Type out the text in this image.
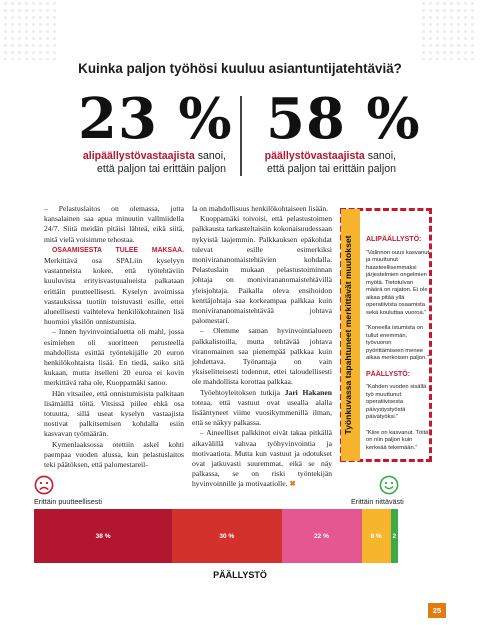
Kuinka paljon työhösi kuuluu asiantuntijatehtäviä?
23 % 58 %
alipäällystövastaajista sanoi,
että paljon tai erittäin paljon
päällystövastaajista sanoi,
että paljon tai erittäin paljon

– Pelastuslaitos on olemassa, jotta kansalainen saa apua minuutin vallmiidella 24/7. Siitä meidän pitäisi lähteä, eikä siitä, mitä vielä voisimme tehostaa.

OSAAMISESTA TULEE MAKSAA. Merkittävä osa SPALiin kyselyyn vastanneista kokee, että työtehtäviin kuuluvista erityisvastuualueista palkataan erittäin puutteellisesti. Kyselyn avoimissa vastauksissa tuotiin toistuvasti esille, ettei alueellisesti vaihteleva henkilökohtainen lisä huomioi yksilön onnistumisia.

– Innen hyvinvointialuetta oli mahl, jossa esimiehen oli suoritteen perusteella mahdollista esittää työntekijälle 20 euron henkilökohtaista lisää. En tiedä, saiko sitä kukaan, mutta itselleni 20 euroa ei kovin merkittävä raha ole, Kuoppamäki sanoo.

Hän vitsailee, että onnistumisista palkitaan lisämäillä töitä. Vitsissä piilee ehkä osa totuutta, sillä useat kyselyn vastaajista nostivat palkitsemisen kohdalla esiin kasvavan työmäärän.

Kymenlaaksossa otettiin askel kohti paempaa vuoden alussa, kun pelastuslaitos teki päätöksen, että palomestareil-

la on mahdollisuus henkilökohtaiseen lisään.

Kuoppamäki toivoisi, että pelastustoimen palkkausta tarkasteltaisiin kokonaisuudessaan nykyistä laajemmin. Palkkauksen epäkohdat tulevat esille esimerkiksi monivirananomaistehtävien kohdalla. Pelastuslain mukaan pelastustoiminnan johtaja on monivirananomaistehtävillä yleisjohtaja. Paikalla oleva ensihoidon kenttäjohtaja saa korkeampaa palkkaa kuin monivirananomaistehtävää johtava palomestari.

– Olemme saman hyvinvointialueen palkkalistoilla, mutta tehtävää johtava viranomainen saa pienempää palkkaa kuin johdettava. Työnantaja on vain yksiselitteisesti todennut, ettei taloudellisesti ole mahdollista korottaa palkkaa.

Työehtoyleitoksen tutkija Jari Hakanen toteaa, että vastuut ovat usealla alalla lisääntyneet viime vuosikymmenillä ilman, että se näkyy palkassa.

– Aineelliset palkkinot eivät takaa pitkällä aikavälillä vahvaa työhyvinvointia ja motivaatiota. Mutta kun vastuut ja odotukset ovat jatkuvasti suuremmat, eikä se näy palkassa, se on riski työntekijän hyvinvoinnille ja motivaatiolle. ✖

Työnkuvassa tapahtuneet merkittävät muutokset	ALIPÄÄLLYSTÖ:
”Valinnon ouus kasvanut ja muuttunut haasteellisemmaksi järjestelmien ongelmien myötä. Tietotulvan määrä on rajaton. Ei ole aikaa pitää yllä operatiivista osaamista sekä kouluttaa vuoroa.”
”Koneella istumista on tullut enemmän, työvuoron pyörittämiseen menee aikaa merkoisen paljon.”
PÄÄLLYSTÖ:
”Kahden vuoden sisällä työ muuttunut operatiivisesta päivystystyöstä päivätyöksi.”
”Kiire on kasvanut. Töitä on niin paljon kuin kerkeää tekemään.”
Erittäin puutteellisesti	Erittäin riittävästi
38 %	30 %	22 %	8 % 2
PÄÄLLYSTÖ
25
